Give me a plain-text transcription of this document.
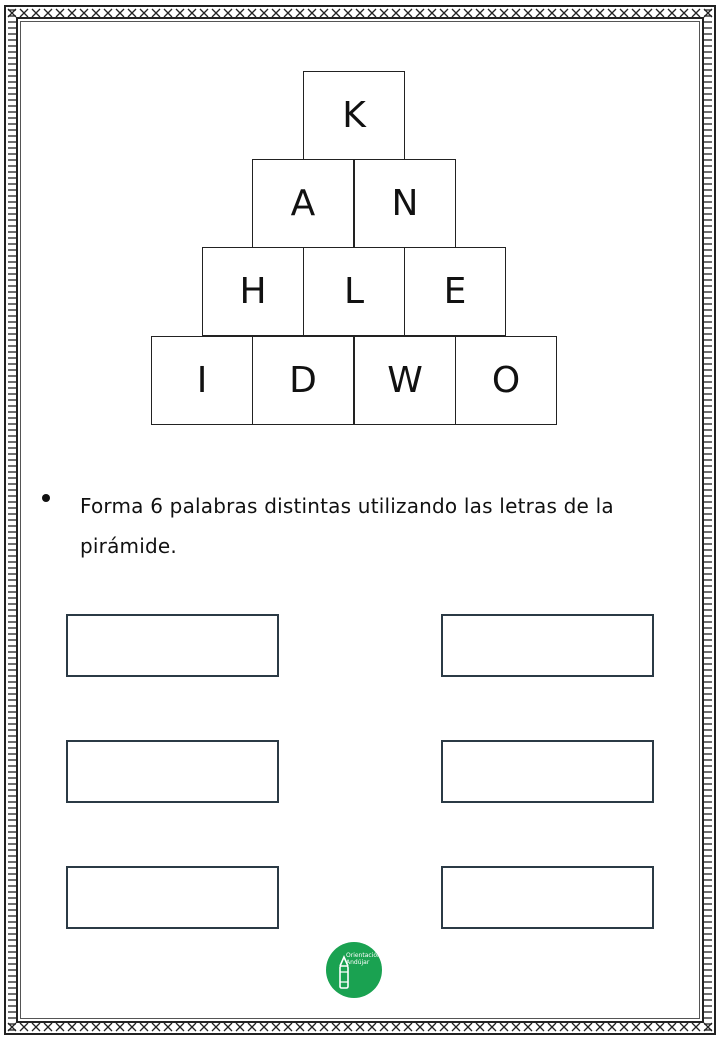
K
A	N
H	L	E
I	D	W	O
Forma 6 palabras distintas utilizando las letras de la pirámide.
Orientación
Andújar
